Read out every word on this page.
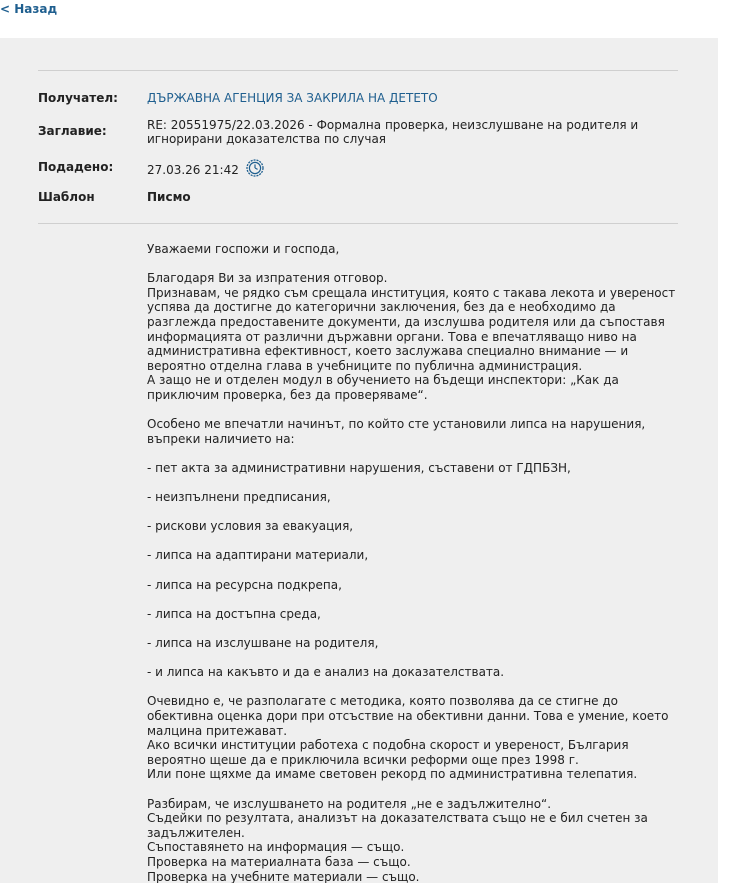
< Назад
Получател: ДЪРЖАВНА АГЕНЦИЯ ЗА ЗАКРИЛА НА ДЕТЕТО
Заглавие:	RE: 20551975/22.03.2026 - Формална проверка, неизслушване на родителя и игнорирани доказателства по случая
Подадено:	27.03.26 21:42
Шаблон	Писмо

Уважаеми госпожи и господа,

Благодаря Ви за изпратения отговор.
Признавам, че рядко съм срещала институция, която с такава лекота и увереност успява да достигне до категорични заключения, без да е необходимо да разглежда предоставените документи, да изслушва родителя или да съпоставя информацията от различни държавни органи. Това е впечатляващо ниво на административна ефективност, което заслужава специално внимание — и вероятно отделна глава в учебниците по публична администрация.
А защо не и отделен модул в обучението на бъдещи инспектори: „Как да приключим проверка, без да проверяваме“.

Особено ме впечатли начинът, по който сте установили липса на нарушения, въпреки наличието на:

- пет акта за административни нарушения, съставени от ГДПБЗН,

- неизпълнени предписания,

- рискови условия за евакуация,

- липса на адаптирани материали,

- липса на ресурсна подкрепа,

- липса на достъпна среда,

- липса на изслушване на родителя,

- и липса на какъвто и да е анализ на доказателствата.

Очевидно е, че разполагате с методика, която позволява да се стигне до обективна оценка дори при отсъствие на обективни данни. Това е умение, което малцина притежават.
Ако всички институции работеха с подобна скорост и увереност, България вероятно щеше да е приключила всички реформи още през 1998 г.
Или поне щяхме да имаме световен рекорд по административна телепатия.

Разбирам, че изслушването на родителя „не е задължително“.
Съдейки по резултата, анализът на доказателствата също не е бил счетен за задължителен.
Съпоставянето на информация — също.
Проверка на материалната база — също.
Проверка на учебните материали — също.
